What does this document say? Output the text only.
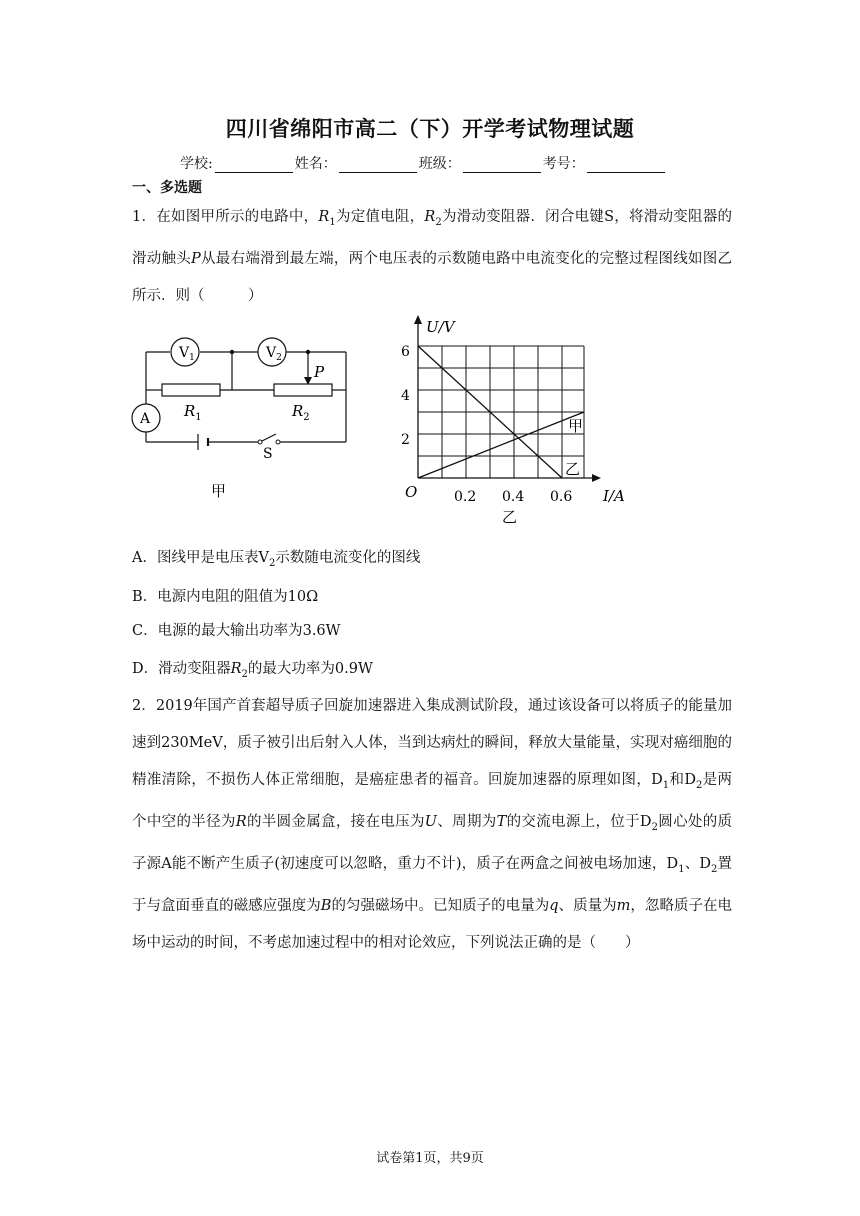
四川省绵阳市高二（下）开学考试物理试题
学校:	姓名：	班级：	考号：
一、多选题
1．在如图甲所示的电路中，$R_1$为定值电阻，$R_2$为滑动变阻器．闭合电键S，将滑动变阻器的滑动触头P从最右端滑到最左端，两个电压表的示数随电路中电流变化的完整过程图线如图乙所示．则（　　　）
$V_1$	$V_2$
A
P
$R_1$	$R_2$
S
甲
U/V
6
4
2
O	0.2 0.4 0.6 I/A
甲
乙
乙
A．图线甲是电压表$V_2$示数随电流变化的图线
B．电源内电阻的阻值为10Ω
C．电源的最大输出功率为3.6W
D．滑动变阻器$R_2$的最大功率为0.9W
2．2019年国产首套超导质子回旋加速器进入集成测试阶段，通过该设备可以将质子的能量加速到230MeV，质子被引出后射入人体，当到达病灶的瞬间，释放大量能量，实现对癌细胞的精准清除，不损伤人体正常细胞，是癌症患者的福音。回旋加速器的原理如图，$D_1$和$D_2$是两个中空的半径为R的半圆金属盒，接在电压为U、周期为T的交流电源上，位于$D_2$圆心处的质子源A能不断产生质子(初速度可以忽略，重力不计)，质子在两盒之间被电场加速，$D_1$、$D_2$置于与盒面垂直的磁感应强度为B的匀强磁场中。已知质子的电量为q、质量为m，忽略质子在电场中运动的时间，不考虑加速过程中的相对论效应，下列说法正确的是（　　）
试卷第1页，共9页
